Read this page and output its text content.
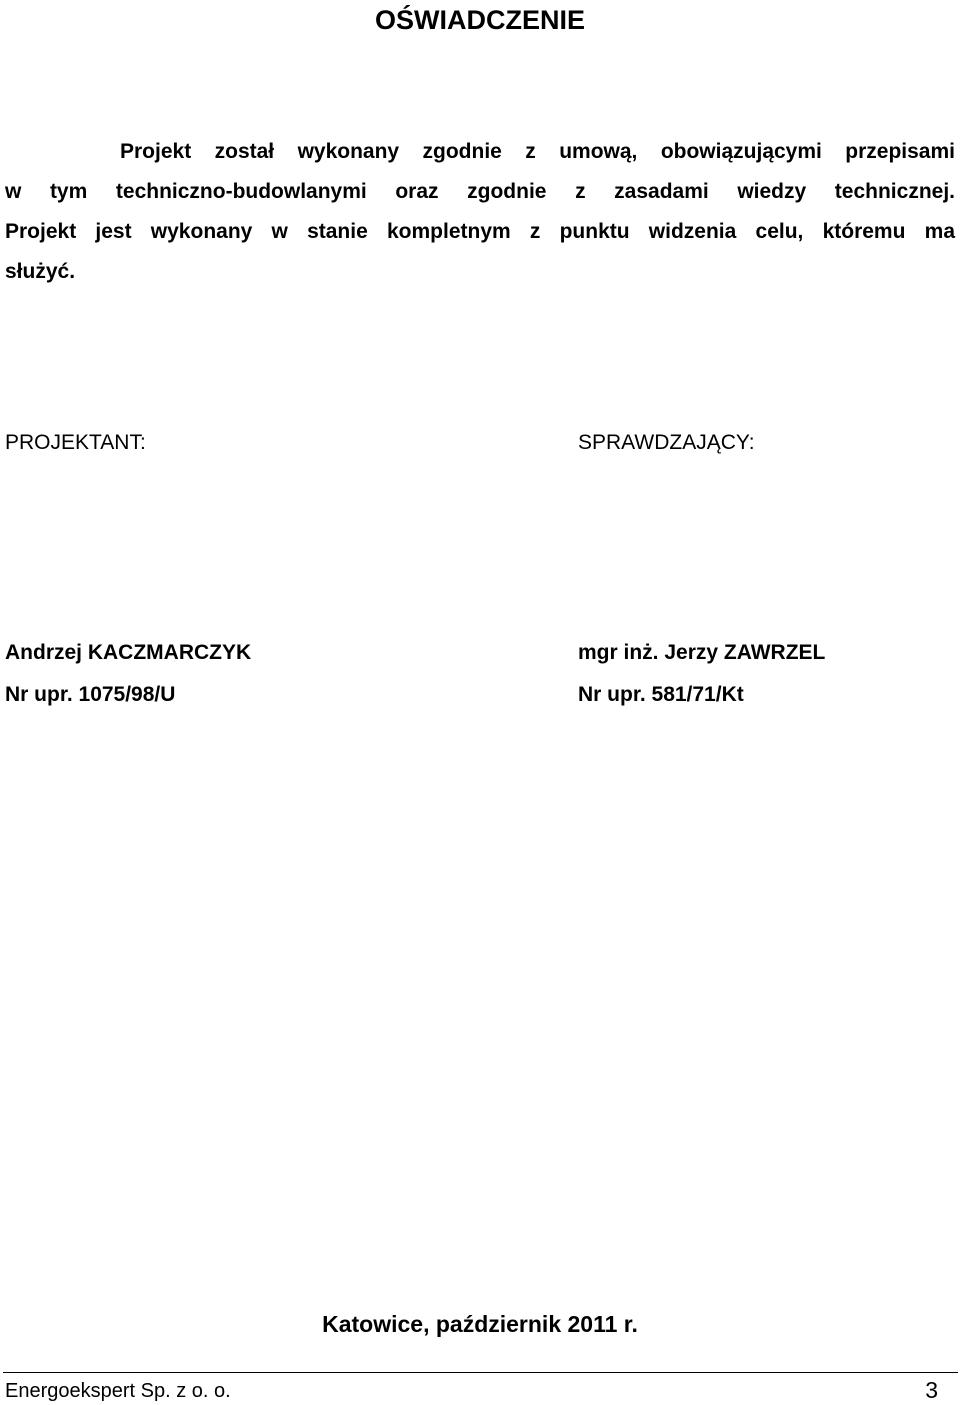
OŚWIADCZENIE
Projekt został wykonany zgodnie z umową, obowiązującymi przepisami
w tym techniczno-budowlanymi oraz zgodnie z zasadami wiedzy technicznej.
Projekt jest wykonany w stanie kompletnym z punktu widzenia celu, któremu ma
służyć.
PROJEKTANT:	SPRAWDZAJĄCY:
Andrzej KACZMARCZYK
Nr upr. 1075/98/U
mgr inż. Jerzy ZAWRZEL
Nr upr. 581/71/Kt
Katowice, październik 2011 r.
Energoekspert Sp. z o. o.	3
